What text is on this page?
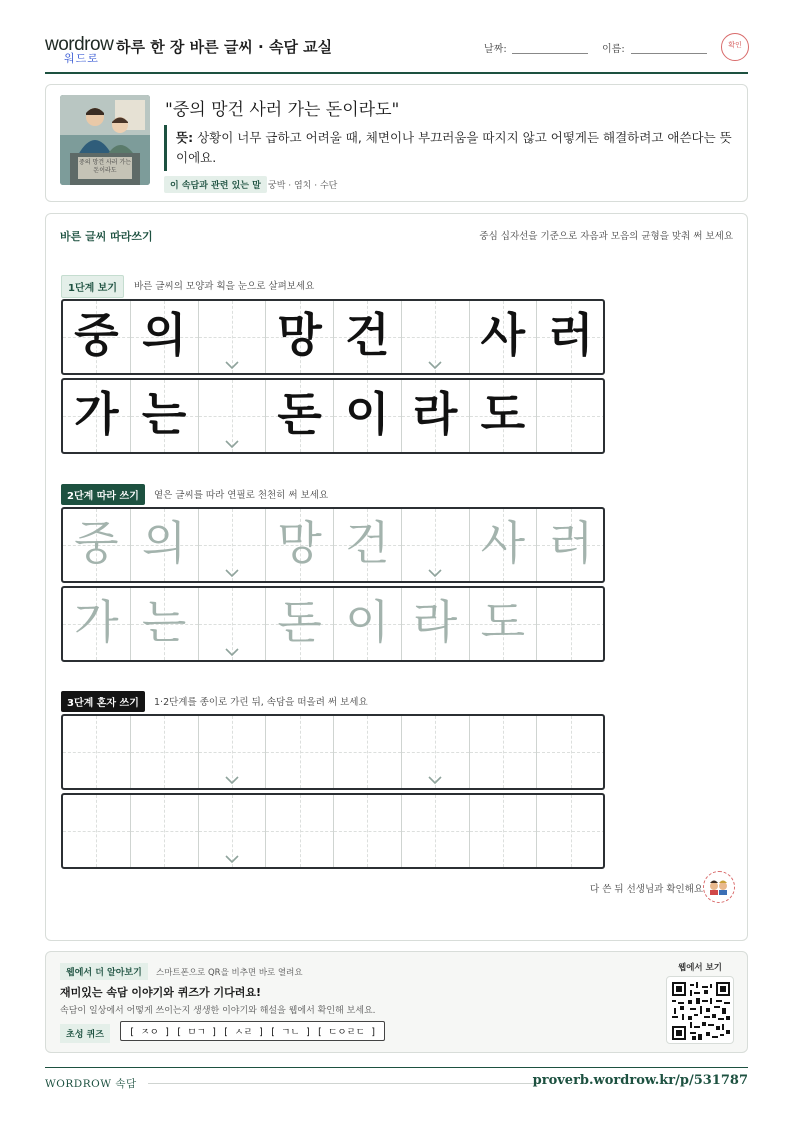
wordrow
워드로
하루 한 장 바른 글씨 · 속담 교실	날짜:	이름:	확인
중의 망건 사러 가는 돈이라도
"중의 망건 사러 가는 돈이라도"
뜻: 상황이 너무 급하고 어려울 때, 체면이나 부끄러움을 따지지 않고 어떻게든 해결하려고 애쓴다는 뜻이에요.
이 속담과 관련 있는 말 궁박 · 염치 · 수단
바른 글씨 따라쓰기	중심 십자선을 기준으로 자음과 모음의 균형을 맞춰 써 보세요
1단계 보기	바른 글씨의 모양과 획을 눈으로 살펴보세요
중 의 망 건 사 러
가 는 돈 이 라 도
2단계 따라 쓰기	옅은 글씨를 따라 연필로 천천히 써 보세요
중 의 망 건 사 러
가 는 돈 이 라 도
3단계 혼자 쓰기	1·2단계를 종이로 가린 뒤, 속담을 떠올려 써 보세요
다 쓴 뒤 선생님과 확인해요
웹에서 더 알아보기	스마트폰으로 QR을 비추면 바로 열려요
재미있는 속담 이야기와 퀴즈가 기다려요!
속담이 일상에서 어떻게 쓰이는지 생생한 이야기와 해설을 웹에서 확인해 보세요.
초성 퀴즈	[ ㅈㅇ ] [ ㅁㄱ ] [ ㅅㄹ ] [ ㄱㄴ ] [ ㄷㅇㄹㄷ ]
웹에서 보기
WORDROW 속담	proverb.wordrow.kr/p/531787
